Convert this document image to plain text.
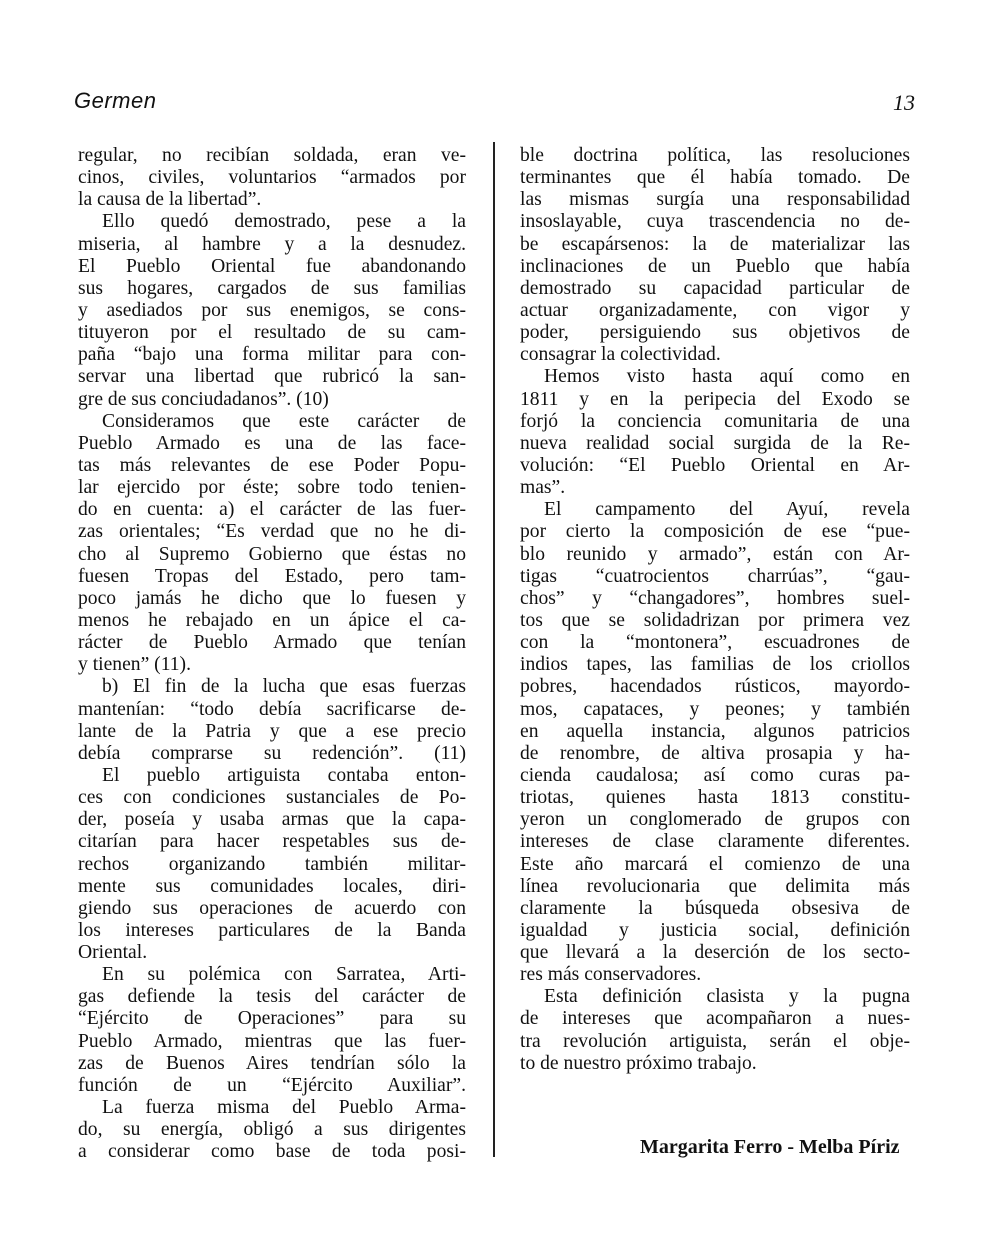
Germen	13
regular, no recibían soldada, eran ve-
cinos, civiles, voluntarios “armados por
la causa de la libertad”.
Ello quedó demostrado, pese a la
miseria, al hambre y a la desnudez.
El Pueblo Oriental fue abandonando
sus hogares, cargados de sus familias
y asediados por sus enemigos, se cons-
tituyeron por el resultado de su cam-
paña “bajo una forma militar para con-
servar una libertad que rubricó la san-
gre de sus conciudadanos”. (10)
Consideramos que este carácter de
Pueblo Armado es una de las face-
tas más relevantes de ese Poder Popu-
lar ejercido por éste; sobre todo tenien-
do en cuenta: a) el carácter de las fuer-
zas orientales; “Es verdad que no he di-
cho al Supremo Gobierno que éstas no
fuesen Tropas del Estado, pero tam-
poco jamás he dicho que lo fuesen y
menos he rebajado en un ápice el ca-
rácter de Pueblo Armado que tenían
y tienen” (11).
b) El fin de la lucha que esas fuerzas
mantenían: “todo debía sacrificarse de-
lante de la Patria y que a ese precio
debía comprarse su redención”. (11)
El pueblo artiguista contaba enton-
ces con condiciones sustanciales de Po-
der, poseía y usaba armas que la capa-
citarían para hacer respetables sus de-
rechos organizando también militar-
mente sus comunidades locales, diri-
giendo sus operaciones de acuerdo con
los intereses particulares de la Banda
Oriental.
En su polémica con Sarratea, Arti-
gas defiende la tesis del carácter de
“Ejército de Operaciones” para su
Pueblo Armado, mientras que las fuer-
zas de Buenos Aires tendrían sólo la
función de un “Ejército Auxiliar”.
La fuerza misma del Pueblo Arma-
do, su energía, obligó a sus dirigentes
a considerar como base de toda posi-
ble doctrina política, las resoluciones
terminantes que él había tomado. De
las mismas surgía una responsabilidad
insoslayable, cuya trascendencia no de-
be escapársenos: la de materializar las
inclinaciones de un Pueblo que había
demostrado su capacidad particular de
actuar organizadamente, con vigor y
poder, persiguiendo sus objetivos de
consagrar la colectividad.
Hemos visto hasta aquí como en
1811 y en la peripecia del Exodo se
forjó la conciencia comunitaria de una
nueva realidad social surgida de la Re-
volución: “El Pueblo Oriental en Ar-
mas”.
El campamento del Ayuí, revela
por cierto la composición de ese “pue-
blo reunido y armado”, están con Ar-
tigas “cuatrocientos charrúas”, “gau-
chos” y “changadores”, hombres suel-
tos que se solidadrizan por primera vez
con la “montonera”, escuadrones de
indios tapes, las familias de los criollos
pobres, hacendados rústicos, mayordo-
mos, capataces, y peones; y también
en aquella instancia, algunos patricios
de renombre, de altiva prosapia y ha-
cienda caudalosa; así como curas pa-
triotas, quienes hasta 1813 constitu-
yeron un conglomerado de grupos con
intereses de clase claramente diferentes.
Este año marcará el comienzo de una
línea revolucionaria que delimita más
claramente la búsqueda obsesiva de
igualdad y justicia social, definición
que llevará a la deserción de los secto-
res más conservadores.
Esta definición clasista y la pugna
de intereses que acompañaron a nues-
tra revolución artiguista, serán el obje-
to de nuestro próximo trabajo.
Margarita Ferro - Melba Píriz
